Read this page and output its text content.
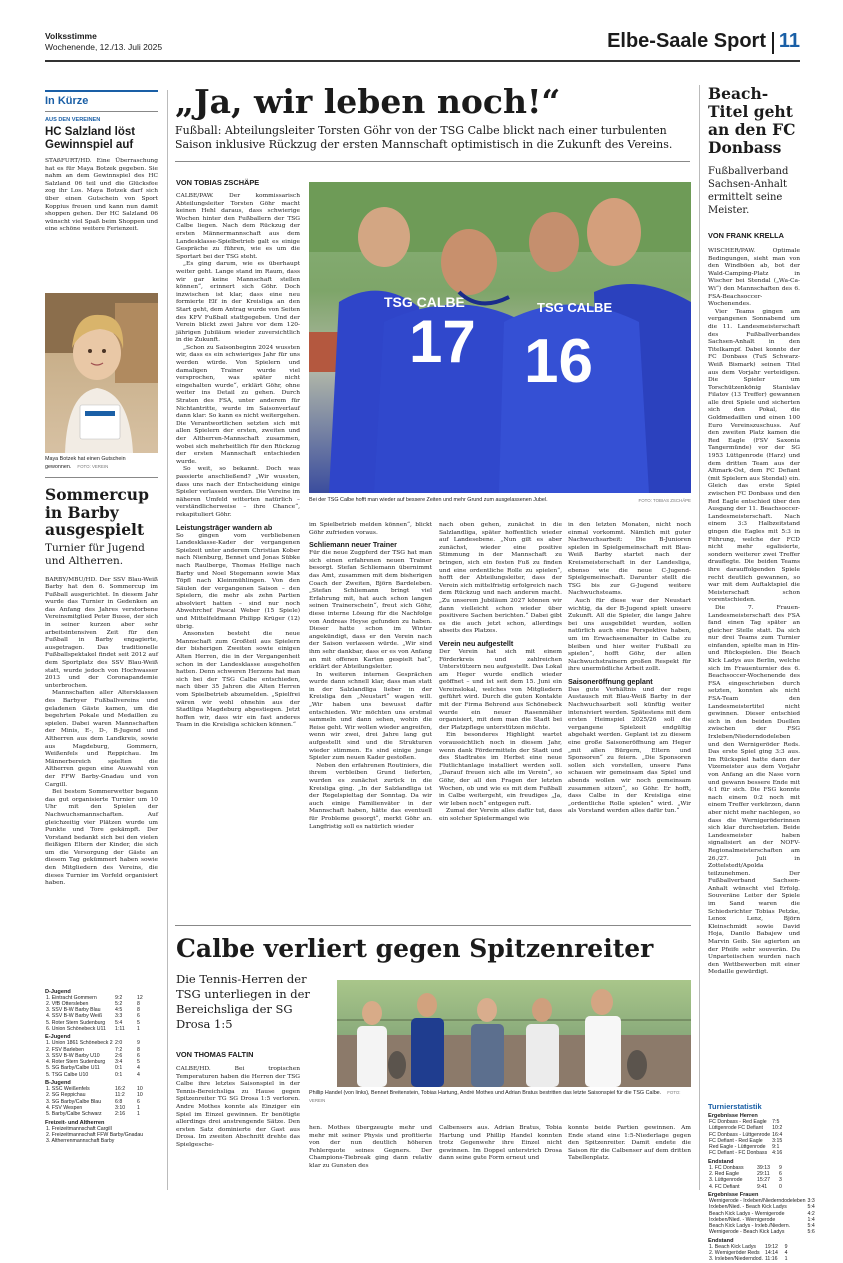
Volksstimme
Wochenende, 12./13. Juli 2025	Elbe-Saale Sport 11
In Kürze
AUS DEN VEREINEN
HC Salzland löst Gewinnspiel auf

STAßFURT/HD. Eine Überraschung hat es für Maya Botzek gegeben. Sie nahm an dem Gewinnspiel des HC Salzland 06 teil und die Glücksfee zog ihr Los. Maya Botzek darf sich über einen Gutschein von Sport Koppius freuen und kann nun damit shoppen gehen. Der HC Salzland 06 wünscht viel Spaß beim Shoppen und eine schöne weitere Ferienzeit.

Maya Botzek hat einen Gutschein gewonnen. FOTO: VEREIN
Sommercup in Barby ausgespielt
Turnier für Jugend und Altherren.

BARBY/MBU/HD. Der SSV Blau-Weiß Barby hat den 6. Sommercup im Fußball ausgerichtet. In diesem Jahr wurde das Turnier in Gedenken an das Anfang des Jahres verstorbene Vereinsmitglied Peter Busse, der sich in seiner kurzen aber sehr arbeitsintensiven Zeit für den Fußball in Barby engagierte, ausgetragen. Das traditionelle Fußballspektakel findet seit 2012 auf dem Sportplatz des SSV Blau-Weiß statt, wurde jedoch von Hochwasser 2013 und der Coronapandemie unterbrochen.

Mannschaften aller Altersklassen des Barbyer Fußballvereins und geladenen Gäste kamen, um die begehrten Pokale und Medaillen zu spielen. Dabei waren Mannschaften der Minis, E-, D-, B-Jugend und Altherren aus dem Landkreis, sowie aus Magdeburg, Gommern, Weißenfels und Reppichau. Im Männerbereich spielten die Altherren gegen eine Auswahl von der FFW Barby-Gnadau und von Cargill.

Bei bestem Sommerwetter begann das gut organisierte Turnier um 10 Uhr mit den Spielen der Nachwuchsmannschaften. Auf gleichzeitig vier Plätzen wurde um Punkte und Tore gekämpft. Der Vorstand bedankt sich bei den vielen fleißigen Eltern der Kinder, die sich um die Versorgung der Gäste an diesem Tag gekümmert haben sowie den Mitgliedern des Vereins, die dieses Turnier im Vorfeld organisiert haben.

D-Jugend
1. Eintracht Gommern	9:2	12
2. VfB Ottersleben	5:2	8
3. SSV B-W Barby Blau	4:5	8
4. SSV B-W Barby Weiß	3:3	6
5. Roter Stern Sudenburg	5:4	5
6. Union Schönebeck U11	1:11	1
E-Jugend
1. Union 1861 Schönebeck 2	2:0	9
2. FSV Barleben	7:2	8
3. SSV B-W Barby U10	2:6	6
4. Roter Stern Sudenburg	3:4	5
5. SG Barby/Calbe U11	0:1	4
5. TSG Calbe U10	0:1	4
B-Jugend
1. SSC Weißenfels	16:2	10
2. SG Reppichau	11:2	10
3. SG Barby/Calbe Blau	6:8	6
4. FSV Wespen	3:10	1
5. Barby/Calbe Schwarz	2:16	1
Freizeit- und Altherren
1. Freizeitmannschaft Cargill		
2. Freizeitmannschaft FFW Barby/Gnadau		
3. Altherrenmannschaft Barby		
„Ja, wir leben noch!“
Fußball: Abteilungsleiter Torsten Göhr von der TSG Calbe blickt nach einer turbulenten Saison inklusive Rückzug der ersten Mannschaft optimistisch in die Zukunft des Vereins.
VON TOBIAS ZSCHÄPE

CALBE/PAW. Der kommissarisch Abteilungsleiter Torsten Göhr macht keinen Hehl daraus, dass schwierige Wochen hinter den Fußballern der TSG Calbe liegen. Nach dem Rückzug der ersten Männermannschaft aus dem Landesklasse-Spielbetrieb galt es einige Gespräche zu führen, wie es um die Sportart bei der TSG steht.

„Es ging darum, wie es überhaupt weiter geht. Lange stand im Raum, dass wir gar keine Mannschaft stellen können“, erinnert sich Göhr. Doch inzwischen ist klar, dass eine neu formierte Elf in der Kreisliga an den Start geht, dem Antrag wurde von Seiten des KFV Fußball stattgegeben. Und der Verein blickt zwei Jahre vor dem 120-jährigen Jubiläum wieder zuversichtlich in die Zukunft.

„Schon zu Saisonbeginn 2024 wussten wir, dass es ein schwieriges Jahr für uns werden würde. Von Spielern und damaligen Trainer wurde viel versprochen, was später nicht eingehalten wurde“, erklärt Göhr, ohne weiter ins Detail zu gehen. Durch Straten des FSA, unter anderem für Nichtantritte, wurde im Saisonverlauf dann klar: So kann es nicht weitergehen. Die Verantwortlichen setzten sich mit allen Spielern der ersten, zweiten und der Altherren-Mannschaft zusammen, wobei sich mehrheitlich für den Rückzug der ersten Mannschaft entschieden wurde.

So weit, so bekannt. Doch was passierte anschließend? „Wir wussten, dass uns nach der Entscheidung einige Spieler verlassen werden. Die Vereine im näheren Umfeld witterten natürlich – verständlicherweise – ihre Chance“, rekapituliert Göhr.

Leistungsträger wandern ab

So gingen vom verbliebenen Landesklasse-Kader der vergangenen Spielzeit unter anderem Christian Kober nach Nienburg, Bennet und Jonas Sübke nach Raulberge, Thomas Hellige nach Barby und Noel Stegemann sowie Max Töpfl nach Kleinmühlingen. Von den Säulen der vergangenen Saison – den Spielern, die mehr als zehn Partien absolviert hatten – sind nur noch Abwehrchef Pascal Weber (15 Spiele) und Mittelfeldmann Philipp Krüger (12) übrig.

Ansonsten besteht die neue Mannschaft zum Großteil aus Spielern der bisherigen Zweiten sowie einigen Alten Herren, die in der Vergangenheit schon in der Landesklasse ausgeholfen hatten. Denn schweren Herzens hat man sich bei der TSG Calbe entschieden, nach über 35 Jahren die Alten Herren vom Spielbetrieb abzumelden. „Spielfrei wären wir wohl ohnehin aus der Stadtliga Magdeburg abgestiegen. Jetzt hoffen wir, dass wir ein fast anderes Team in die Kreisliga schicken können.“

17
TSG CALBE
16
TSG CALBE
Bei der TSG Calbe hofft man wieder auf bessere Zeiten und mehr Grund zum ausgelassenen Jubel.	FOTO: TOBIAS ZSCHÄPE

im Spielbetrieb melden können“, blickt Göhr zufrieden voraus.

Schliemann neuer Trainer

Für die neue Zugpferd der TSG hat man sich einen erfahrenen neuen Trainer besorgt. Stefan Schliemann übernimmt das Amt, zusammen mit dem bisherigen Coach der Zweiten, Björn Bardeleben. „Stefan Schliemann bringt viel Erfahrung mit, hat auch schon langen seinen Trainerschein“, freut sich Göhr, diese interne Lösung für die Nachfolge von Andreas Heyse gefunden zu haben. Dieser hatte schon im Winter angekündigt, dass er den Verein nach der Saison verlassen würde. „Wir sind ihm sehr dankbar, dass er es von Anfang an mit offenen Karten gespielt hat“, erklärt der Abteilungsleiter.

In weiteren internen Gesprächen wurde dann schnell klar, dass man statt in der Salzlandliga lieber in der Kreisliga den „Neustart“ wagen will. „Wir haben uns bewusst dafür entschieden. Wir möchten uns erstmal sammeln und dann sehen, wohin die Reise geht. Wir wollen wieder angreifen, wenn wir zwei, drei Jahre lang gut aufgestellt sind und die Strukturen wieder stimmen. Es sind einige junge Spieler zum neuen Kader gestoßen.

Neben den erfahrenen Routiniers, die ihrem verbleiben Grund lieferten, wurden es zunächst zurück in die Kreisliga ging. „In der Salzlandliga ist der Regelspieltag der Sonntag. Da wir auch einige Familienväter in der Mannschaft haben, hätte das eventuell für Probleme gesorgt“, merkt Göhr an. Langfristig soll es natürlich wieder

nach oben gehen, zunächst in die Salzlandliga, später hoffentlich wieder auf Landesebene. „Nun gilt es aber zunächst, wieder eine positive Stimmung in der Mannschaft zu bringen, sich ein festen Fuß zu finden und eine ordentliche Rolle zu spielen“, hofft der Abteilungsleiter, dass der Verein sich mittelfristig erfolgreich nach dem Rückzug und nach anderen macht. „Zu unserem Jubiläum 2027 können wir dann vielleicht schon wieder über positivere Sachen berichten.“ Dabei gibt es die auch jetzt schon, allerdings abseits des Platzes.

Verein neu aufgestellt

Der Verein hat sich mit einem Förderkreis und zahlreichen Unterstützern neu aufgestellt. Das Lokal am Heger wurde endlich wieder geöffnet – und ist seit dem 15. Juni ein Vereinslokal, welches von Mitgliedern geführt wird. Durch die guten Kontakte mit der Firma Behrend aus Schönebeck wurde ein neuer Rasenmäher organisiert, mit dem man die Stadt bei der Platzpflege unterstützen möchte.

Ein besonderes Highlight wartet voraussichtlich noch in diesem Jahr, wenn dank Fördermitteln der Stadt und des Stadtrates im Herbst eine neue Flutlichtanlage installiert werden soll. „Darauf freuen sich alle im Verein“, so Göhr, der all den Fragen der letzten Wochen, ob und wie es mit dem Fußball in Calbe weitergeht, ein freudiges „Ja, wir leben noch“ entgegen ruft.

Zumal der Verein alles dafür tut, dass ein solcher Spielermangel wie

in den letzten Monaten, nicht noch einmal vorkommt. Nämlich mit guter Nachwuchsarbeit: Die B-Junioren spielen in Spielgemeinschaft mit Blau-Weiß Barby startet nach der Kreismeisterschaft in der Landesliga, ebenso wie die neue C-Jugend-Spielgemeinschaft. Darunter stellt die TSG bis zur G-Jugend weitere Nachwuchsteams.

Auch für diese war der Neustart wichtig, da der B-Jugend spielt unsere Zukunft. All die Spieler, die lange Jahre bei uns ausgebildet wurden, sollen natürlich auch eine Perspektive haben, um im Erwachsenenalter in Calbe zu bleiben und hier weiter Fußball zu spielen“, hofft Göhr, der allen Nachwuchstrainern großen Respekt für ihre unermüdliche Arbeit zollt.

Saisoneröffnung geplant

Das gute Verhältnis und der rege Austausch mit Blau-Weiß Barby in der Nachwuchsarbeit soll künftig weiter intensiviert werden. Spätestens mit dem ersten Heimspiel 2025/26 soll die vergangene Spielzeit endgültig abgehakt werden. Geplant ist zu diesem eine große Saisoneröffnung am Heger „mit allen Bürgern, Eltern und Sponsoren“ zu feiern. „Die Sponsoren sollen sich vorstellen, unsere Fans schauen wir gemeinsam das Spiel und abends wollen wir noch gemeinsam zusammen sitzen“, so Göhr. Er hofft, dass Calbe in der Kreisliga eine „ordentliche Rolle spielen“ wird. „Wir als Vorstand werden alles dafür tun.“

Calbe verliert gegen Spitzenreiter
Die Tennis-Herren der TSG unterliegen in der Bereichsliga der SG Drosa 1:5
VON THOMAS FALTIN

CALBE/HD. Bei tropischen Temperaturen haben die Herren der TSG Calbe ihre letztes Saisonspiel in der Tennis-Bereichsliga zu Hause gegen Spitzenreiter TG SG Drosa 1:5 verloren. Andre Mothes konnte als Einziger ein Spiel im Einzel gewinnen. Er benötigte allerdings drei anstrengende Sätze. Den ersten Satz dominierte der Gast aus Drosa. Im zweiten Abschnitt drehte das Spielgesche-

Phillip Handel (von links), Bennet Breitenstein, Tobias Hartung, André Mothes und Adrian Bratus bestritten das letzte Saisonspiel für die TSG Calbe. FOTO: VEREIN

hen. Mothes übergzeugte mehr und mehr mit seiner Physis und profitierte von der nun deutlich höheren Fehlerquote seines Gegners. Der Champions-Tiebreak ging dann relativ klar zu Gunsten des

Calbensers aus. Adrian Bratus, Tobia Hartung und Phillip Handel konnten trotz Gegenwehr ihre Einzel nicht gewinnen. Im Doppel unterstrich Drosa dann seine gute Form erneut und

konnte beide Partien gewinnen. Am Ende stand eine 1:5-Niederlage gegen den Spitzenreiter. Damit endete die Saison für die Calbenser auf dem dritten Tabellenplatz.

Beach-Titel geht an den FC Donbass
Fußballverband Sachsen-Anhalt ermittelt seine Meister.
VON FRANK KRELLA

WISCHER/PAW. Optimale Bedingungen, sieht man von den Windböen ab, bot der Wald-Camping-Platz in Wischer bei Stendal („Wa-Ca-Wi“) den Mannschaften des 6. FSA-Beachsoccer-Wochenendes.

Vier Teams gingen am vergangenen Sonnabend um die 11. Landesmeisterschaft des Fußballverbandes Sachsen-Anhalt in den Titelkampf. Dabei konnte der FC Donbass (TuS Schwarz-Weiß Bismark) seinen Titel aus dem Vorjahr verteidigen. Die Spieler um Torschützenkönig Stanislav Filatov (13 Treffer) gewannen alle drei Spiele und sicherten sich den Pokal, die Goldmedaillen und einen 100 Euro Vereinszuschuss. Auf den zweiten Platz kamen die Red Eagle (FSV Saxonia Tangermünde) vor der SG 1953 Lüttgenrode (Harz) und dem dritten Team aus der Altmark-Ost, dem FC Defiant (mit Spielern aus Stendal) ein. Gleich das erste Spiel zwischen FC Donbass und den Red Eagle entschied über den Ausgang der 11. Beachsoccer-Landesmeisterschaft. Nach einem 3:3 Halbzeitstand gingen die Eagles mit 5:3 in Führung, welche der FCD nicht mehr egalisierte, sondern weiterer zwei Treffer drauflegte. Die beiden Teams ihre darauffolgenden Spiele recht deutlich gewannen, so war mit dem Auftaktspiel die Meisterschaft schon vorentschieden.

Die 7. Frauen-Landesmeisterschaft des FSA fand einen Tag später an gleicher Stelle statt. Da sich nur drei Teams zum Turnier einfanden, spielte man in Hin- und Rückspielen. Die Beach Kick Ladys aus Berlin, welche sich im Frauenturnier des 6. Beachsoccer-Wochenende des FSA eingeschrieben durch setzten, konnten als nicht FSA-Team den Landesmeistertitel nicht gewinnen. Dieser entschied sich in den beiden Duellen zwischen der FSG Irxleben/Niederndodeleben und den Wernigeröder Reds. Das erste Spiel ging 3:3 aus. Im Rückspiel hatte dann der Vizemeister aus dem Vorjahr von Anfang an die Nase vorn und gewann bessere Ende mit 4:1 für sich. Die FSG konnte nach einem 0:2 noch mit einem Treffer verkürzen, dann aber nicht mehr nachlegen, so dass die Wernigeröderinnen sich klar durchsetzten. Beide Landesmeister haben signalisiert an der NOFV-Regionalmeisterschaften am 26./27. Juli in Zottelstedt/Apolda teilzunehmen. Der Fußballverband Sachsen-Anhalt wünscht viel Erfolg. Souveräne Leiter der Spiele im Sand waren die Schiedsrichter Tobias Petzke, Lenox Lenz, Björn Kleinschmidt sowie David Hoja, Danilo Babajew und Marvin Geib. Sie agierten an der Pfeife sehr souverän. Du Unparteiischen wurden nach den Wettbewerben mit einer Medaille gewürdigt.

Turnierstatistik
Ergebnisse Herren
FC Donbass - Red Eagle	7:5	
Lüttgenrode FC Defiant	10:2	
FC Donbass - Lüttgenrode	16:4	
FC Defiant - Red Eagle	3:15	
Red Eagle - Lüttgenrode	9:1	
FC Defiant - FC Donbass	4:16	
Endstand
1. FC Donbass	39:13	9
2. Red Eagle	29:11	6
3. Lüttgenrode	15:27	3
4. FC Defiant	9:41	0
Ergebnisse Frauen
Wernigerode - Irxleben/Niederndodeleben	3:3	
Irxleben/Nied. - Beach Kick Ladys	5:4	
Beach Kick Ladys - Wernigerode	4:2	
Irxleben/Nied. - Wernigerode	1:4	
Beach Kick Ladys - Irxleb./Niedern.	5:4	
Wernigerode - Beach Kick Ladys	5:6	
Endstand
1. Beach Kick Ladys	19:12	9
2. Wernigeröder Reds	14:14	4
3. Irxleben/Niederndod.	11:16	1
